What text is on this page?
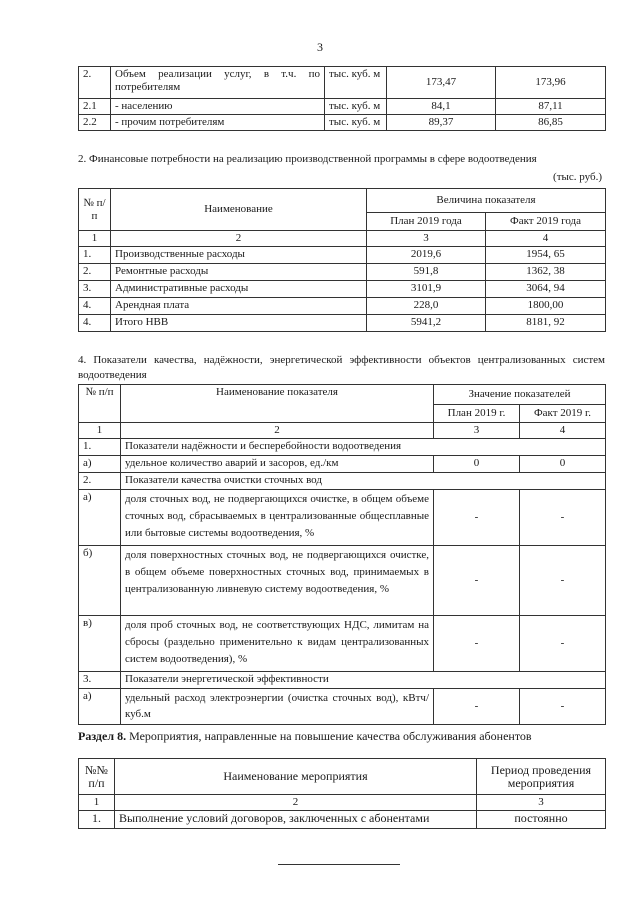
3
2.	Объем реализации услуг, в т.ч. по потребителям	тыс. куб. м	173,47	173,96
2.1	- населению	тыс. куб. м	84,1	87,11
2.2	- прочим потребителям	тыс. куб. м	89,37	86,85
2. Финансовые потребности на реализацию производственной программы в сфере водоотведения
(тыс. руб.)
№ п/п	Наименование	Величина показателя	
		План 2019 года	Факт 2019 года
1	2	3	4
1.	Производственные расходы	2019,6	1954, 65
2.	Ремонтные расходы	591,8	1362, 38
3.	Административные расходы	3101,9	3064, 94
4.	Арендная плата	228,0	1800,00
4.	Итого НВВ	5941,2	8181, 92
4. Показатели качества, надёжности, энергетической эффективности объектов централизованных систем водоотведения
№ п/п	Наименование показателя	Значение показателей	
		План 2019 г.	Факт 2019 г.
1	2	3	4
1.	Показатели надёжности и бесперебойности водоотведения		
а)	удельное количество аварий и засоров, ед./км	0	0
2.	Показатели качества очистки сточных вод		
а)	доля сточных вод, не подвергающихся очистке, в общем объеме сточных вод, сбрасываемых в централизованные общесплавные или бытовые системы водоотведения, %	-	-
б)	доля поверхностных сточных вод, не подвергающихся очистке, в общем объеме поверхностных сточных вод, принимаемых в централизованную ливневую систему водоотведения, %	-	-
в)	доля проб сточных вод, не соответствующих НДС, лимитам на сбросы (раздельно применительно к видам централизованных систем водоотведения), %	-	-
3.	Показатели энергетической эффективности		
а)	удельный расход электроэнергии (очистка сточных вод), кВтч/куб.м	-	-
Раздел 8. Мероприятия, направленные на повышение качества обслуживания абонентов
№№ п/п	Наименование мероприятия	Период проведения мероприятия
1	2	3
1.	Выполнение условий договоров, заключенных с абонентами	постоянно
